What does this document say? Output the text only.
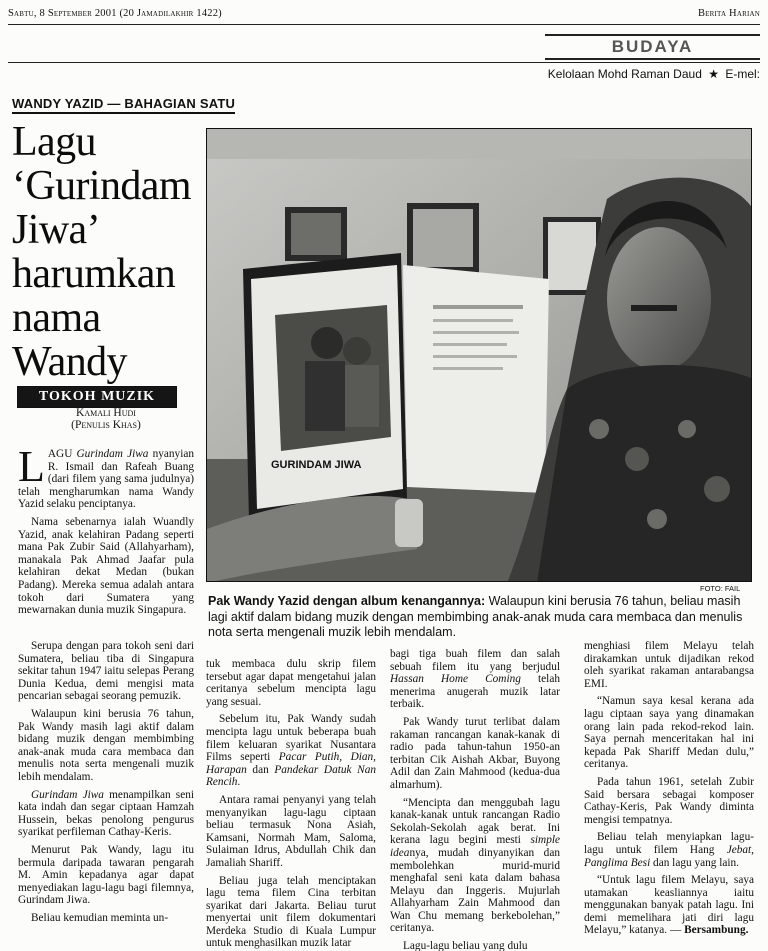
Sabtu, 8 September 2001 (20 Jamadilakhir 1422)	Berita Harian
BUDAYA
Kelolaan Mohd Raman Daud ★ E-mel:
WANDY YAZID — BAHAGIAN SATU
Lagu
‘Gurindam
Jiwa’
harumkan
nama
Wandy
TOKOH MUZIK
Kamali Hudi
(Penulis Khas)
GURINDAM JIWA
FOTO: FAIL
Pak Wandy Yazid dengan album kenangannya: Walaupun kini berusia 76 tahun, beliau masih lagi aktif dalam bidang muzik dengan membimbing anak-anak muda cara membaca dan menulis nota serta mengenali muzik lebih mendalam.

LAGU Gurindam Jiwa nyanyian R. Ismail dan Rafeah Buang (dari filem yang sama judulnya) telah mengharumkan nama Wandy Yazid selaku penciptanya.

Nama sebenarnya ialah Wuandly Yazid, anak kelahiran Padang seperti mana Pak Zubir Said (Allahyarham), manakala Pak Ahmad Jaafar pula kelahiran dekat Medan (bukan Padang). Mereka semua adalah antara tokoh dari Sumatera yang mewarnakan dunia muzik Singapura.

Serupa dengan para tokoh seni dari Sumatera, beliau tiba di Singapura sekitar tahun 1947 iaitu selepas Perang Dunia Kedua, demi mengisi mata pencarian sebagai seorang pemuzik.

Walaupun kini berusia 76 tahun, Pak Wandy masih lagi aktif dalam bidang muzik dengan membimbing anak-anak muda cara membaca dan menulis nota serta mengenali muzik lebih mendalam.

Gurindam Jiwa menampilkan seni kata indah dan segar ciptaan Hamzah Hussein, bekas penolong pengurus syarikat perfileman Cathay-Keris.

Menurut Pak Wandy, lagu itu bermula daripada tawaran pengarah M. Amin kepadanya agar dapat menyediakan lagu-lagu bagi filemnya, Gurindam Jiwa.

Beliau kemudian meminta un-

tuk membaca dulu skrip filem tersebut agar dapat mengetahui jalan ceritanya sebelum mencipta lagu yang sesuai.

Sebelum itu, Pak Wandy sudah mencipta lagu untuk beberapa buah filem keluaran syarikat Nusantara Films seperti Pacar Putih, Dian, Harapan dan Pandekar Datuk Nan Rencih.

Antara ramai penyanyi yang telah menyanyikan lagu-lagu ciptaan beliau termasuk Nona Asiah, Kamsani, Normah Mam, Saloma, Sulaiman Idrus, Abdullah Chik dan Jamaliah Shariff.

Beliau juga telah menciptakan lagu tema filem Cina terbitan syarikat dari Jakarta. Beliau turut menyertai unit filem dokumentari Merdeka Studio di Kuala Lumpur untuk menghasilkan muzik latar

bagi tiga buah filem dan salah sebuah filem itu yang berjudul Hassan Home Coming telah menerima anugerah muzik latar terbaik.

Pak Wandy turut terlibat dalam rakaman rancangan kanak-kanak di radio pada tahun-tahun 1950-an terbitan Cik Aishah Akbar, Buyong Adil dan Zain Mahmood (kedua-dua almarhum).

“Mencipta dan menggubah lagu kanak-kanak untuk rancangan Radio Sekolah-Sekolah agak berat. Ini kerana lagu begini mesti simple ideanya, mudah dinyanyikan dan membolehkan murid-murid menghafal seni kata dalam bahasa Melayu dan Inggeris. Mujurlah Allahyarham Zain Mahmood dan Wan Chu memang berkebolehan,” ceritanya.

Lagu-lagu beliau yang dulu

menghiasi filem Melayu telah dirakamkan untuk dijadikan rekod oleh syarikat rakaman antarabangsa EMI.

“Namun saya kesal kerana ada lagu ciptaan saya yang dinamakan orang lain pada rekod-rekod lain. Saya pernah menceritakan hal ini kepada Pak Shariff Medan dulu,” ceritanya.

Pada tahun 1961, setelah Zubir Said bersara sebagai komposer Cathay-Keris, Pak Wandy diminta mengisi tempatnya.

Beliau telah menyiapkan lagu-lagu untuk filem Hang Jebat, Panglima Besi dan lagu yang lain.

“Untuk lagu filem Melayu, saya utamakan keasliannya iaitu menggunakan banyak patah lagu. Ini demi memelihara jati diri lagu Melayu,” katanya. — Bersambung.
